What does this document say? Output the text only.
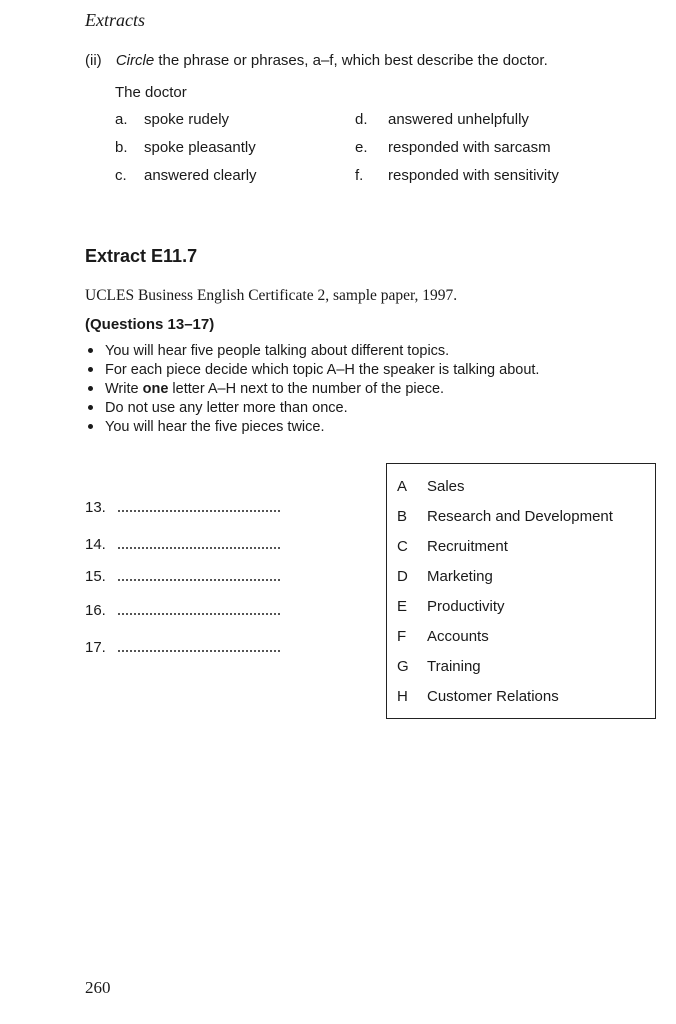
Extracts
(ii) Circle the phrase or phrases, a–f, which best describe the doctor.
The doctor
a. spoke rudely
b. spoke pleasantly
c. answered clearly
d. answered unhelpfully
e. responded with sarcasm
f. responded with sensitivity
Extract E11.7
UCLES Business English Certificate 2, sample paper, 1997.
(Questions 13–17)
You will hear five people talking about different topics.
For each piece decide which topic A–H the speaker is talking about.
Write one letter A–H next to the number of the piece.
Do not use any letter more than once.
You will hear the five pieces twice.
13.
14.
15.
16.
17.
A Sales
B Research and Development
C Recruitment
D Marketing
E Productivity
F Accounts
G Training
H Customer Relations
260
